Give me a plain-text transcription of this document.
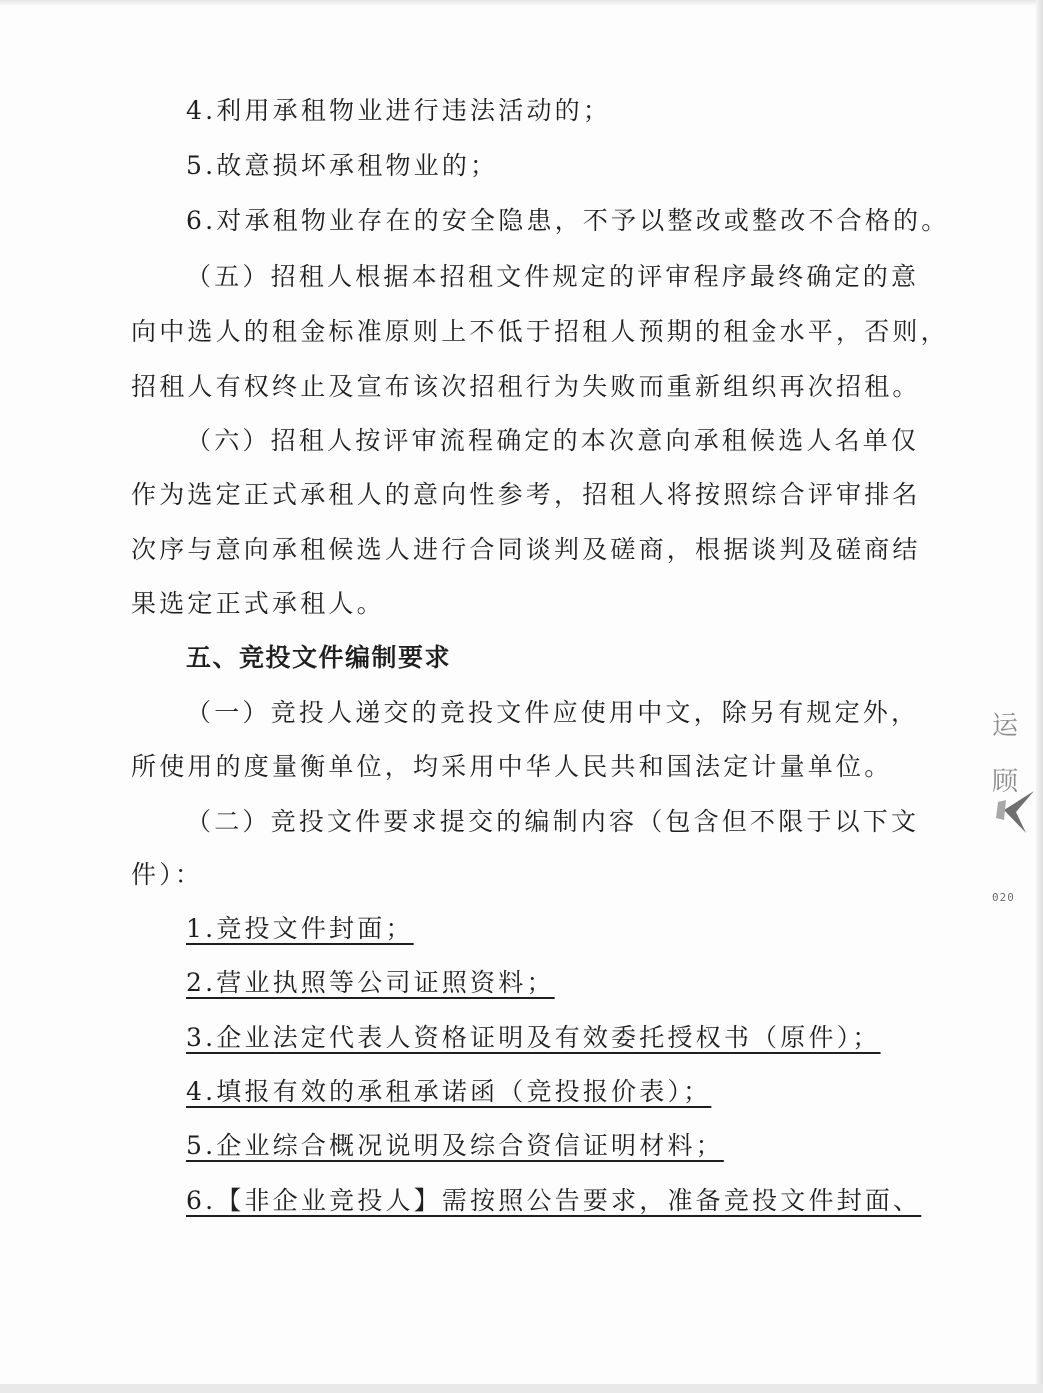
4.利用承租物业进行违法活动的；
5.故意损坏承租物业的；
6.对承租物业存在的安全隐患，不予以整改或整改不合格的。
（五）招租人根据本招租文件规定的评审程序最终确定的意
向中选人的租金标准原则上不低于招租人预期的租金水平，否则，
招租人有权终止及宣布该次招租行为失败而重新组织再次招租。
（六）招租人按评审流程确定的本次意向承租候选人名单仅
作为选定正式承租人的意向性参考，招租人将按照综合评审排名
次序与意向承租候选人进行合同谈判及磋商，根据谈判及磋商结
果选定正式承租人。
五、竞投文件编制要求
（一）竞投人递交的竞投文件应使用中文，除另有规定外，
所使用的度量衡单位，均采用中华人民共和国法定计量单位。
（二）竞投文件要求提交的编制内容（包含但不限于以下文
件）：
1.竞投文件封面；
2.营业执照等公司证照资料；
3.企业法定代表人资格证明及有效委托授权书（原件）；
4.填报有效的承租承诺函（竞投报价表）；
5.企业综合概况说明及综合资信证明材料；
6.【非企业竞投人】需按照公告要求，准备竞投文件封面、
运顾
020
